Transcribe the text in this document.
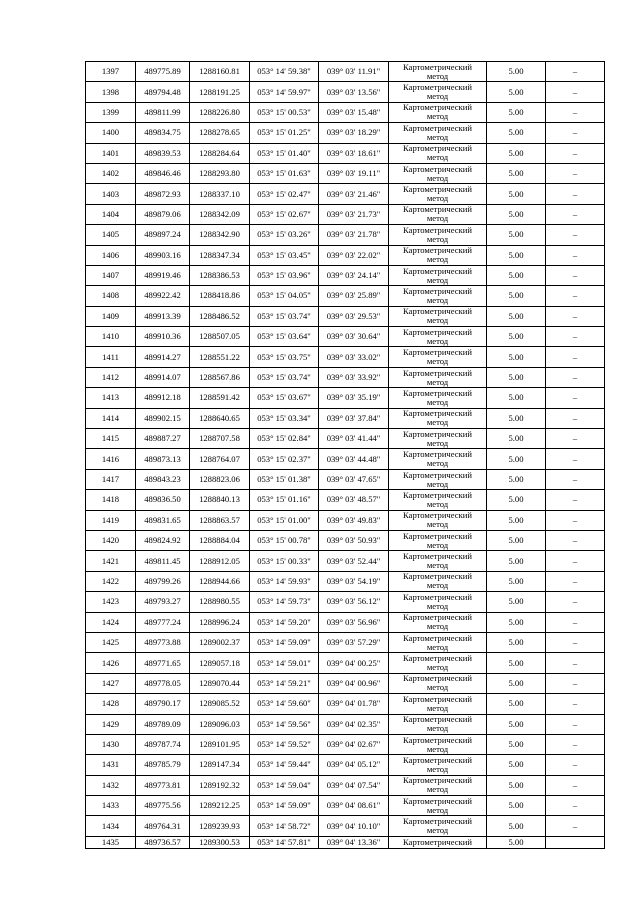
1397	489775.89	1288160.81	053° 14' 59.38"	039° 03' 11.91"	Картометрический
метод	5.00	–
1398	489794.48	1288191.25	053° 14' 59.97"	039° 03' 13.56"	Картометрический
метод	5.00	–
1399	489811.99	1288226.80	053° 15' 00.53"	039° 03' 15.48"	Картометрический
метод	5.00	–
1400	489834.75	1288278.65	053° 15' 01.25"	039° 03' 18.29"	Картометрический
метод	5.00	–
1401	489839.53	1288284.64	053° 15' 01.40"	039° 03' 18.61"	Картометрический
метод	5.00	–
1402	489846.46	1288293.80	053° 15' 01.63"	039° 03' 19.11"	Картометрический
метод	5.00	–
1403	489872.93	1288337.10	053° 15' 02.47"	039° 03' 21.46"	Картометрический
метод	5.00	–
1404	489879.06	1288342.09	053° 15' 02.67"	039° 03' 21.73"	Картометрический
метод	5.00	–
1405	489897.24	1288342.90	053° 15' 03.26"	039° 03' 21.78"	Картометрический
метод	5.00	–
1406	489903.16	1288347.34	053° 15' 03.45"	039° 03' 22.02"	Картометрический
метод	5.00	–
1407	489919.46	1288386.53	053° 15' 03.96"	039° 03' 24.14"	Картометрический
метод	5.00	–
1408	489922.42	1288418.86	053° 15' 04.05"	039° 03' 25.89"	Картометрический
метод	5.00	–
1409	489913.39	1288486.52	053° 15' 03.74"	039° 03' 29.53"	Картометрический
метод	5.00	–
1410	489910.36	1288507.05	053° 15' 03.64"	039° 03' 30.64"	Картометрический
метод	5.00	–
1411	489914.27	1288551.22	053° 15' 03.75"	039° 03' 33.02"	Картометрический
метод	5.00	–
1412	489914.07	1288567.86	053° 15' 03.74"	039° 03' 33.92"	Картометрический
метод	5.00	–
1413	489912.18	1288591.42	053° 15' 03.67"	039° 03' 35.19"	Картометрический
метод	5.00	–
1414	489902.15	1288640.65	053° 15' 03.34"	039° 03' 37.84"	Картометрический
метод	5.00	–
1415	489887.27	1288707.58	053° 15' 02.84"	039° 03' 41.44"	Картометрический
метод	5.00	–
1416	489873.13	1288764.07	053° 15' 02.37"	039° 03' 44.48"	Картометрический
метод	5.00	–
1417	489843.23	1288823.06	053° 15' 01.38"	039° 03' 47.65"	Картометрический
метод	5.00	–
1418	489836.50	1288840.13	053° 15' 01.16"	039° 03' 48.57"	Картометрический
метод	5.00	–
1419	489831.65	1288863.57	053° 15' 01.00"	039° 03' 49.83"	Картометрический
метод	5.00	–
1420	489824.92	1288884.04	053° 15' 00.78"	039° 03' 50.93"	Картометрический
метод	5.00	–
1421	489811.45	1288912.05	053° 15' 00.33"	039° 03' 52.44"	Картометрический
метод	5.00	–
1422	489799.26	1288944.66	053° 14' 59.93"	039° 03' 54.19"	Картометрический
метод	5.00	–
1423	489793.27	1288980.55	053° 14' 59.73"	039° 03' 56.12"	Картометрический
метод	5.00	–
1424	489777.24	1288996.24	053° 14' 59.20"	039° 03' 56.96"	Картометрический
метод	5.00	–
1425	489773.88	1289002.37	053° 14' 59.09"	039° 03' 57.29"	Картометрический
метод	5.00	–
1426	489771.65	1289057.18	053° 14' 59.01"	039° 04' 00.25"	Картометрический
метод	5.00	–
1427	489778.05	1289070.44	053° 14' 59.21"	039° 04' 00.96"	Картометрический
метод	5.00	–
1428	489790.17	1289085.52	053° 14' 59.60"	039° 04' 01.78"	Картометрический
метод	5.00	–
1429	489789.09	1289096.03	053° 14' 59.56"	039° 04' 02.35"	Картометрический
метод	5.00	–
1430	489787.74	1289101.95	053° 14' 59.52"	039° 04' 02.67"	Картометрический
метод	5.00	–
1431	489785.79	1289147.34	053° 14' 59.44"	039° 04' 05.12"	Картометрический
метод	5.00	–
1432	489773.81	1289192.32	053° 14' 59.04"	039° 04' 07.54"	Картометрический
метод	5.00	–
1433	489775.56	1289212.25	053° 14' 59.09"	039° 04' 08.61"	Картометрический
метод	5.00	–
1434	489764.31	1289239.93	053° 14' 58.72"	039° 04' 10.10"	Картометрический
метод	5.00	–
1435	489736.57	1289300.53	053° 14' 57.81"	039° 04' 13.36"	Картометрический	5.00	
